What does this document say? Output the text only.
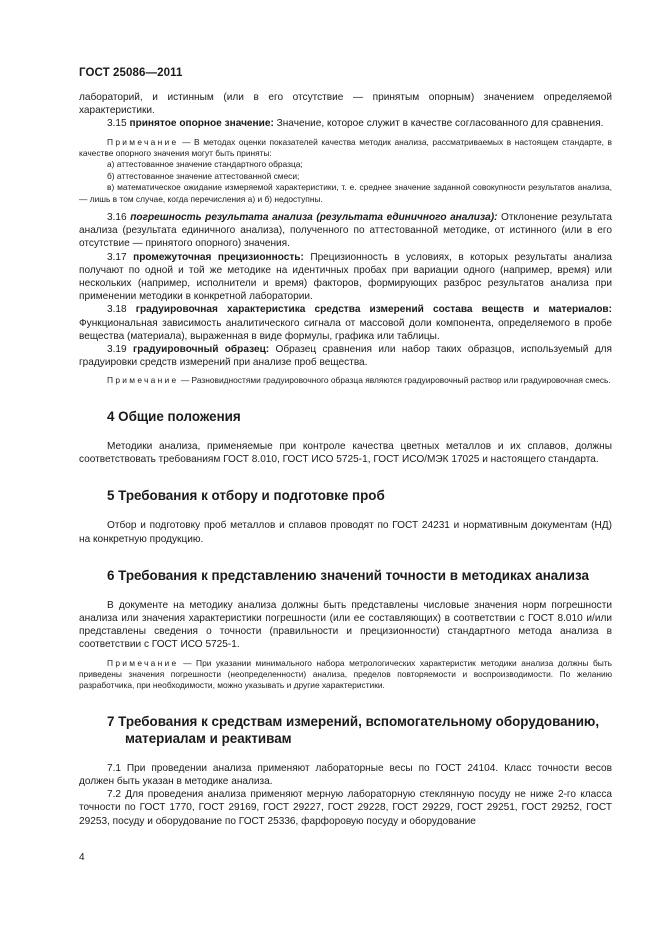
ГОСТ 25086—2011

лабораторий, и истинным (или в его отсутствие — принятым опорным) значением определяемой характеристики.

3.15 принятое опорное значение: Значение, которое служит в качестве согласованного для сравнения.

Примечание — В методах оценки показателей качества методик анализа, рассматриваемых в настоящем стандарте, в качестве опорного значения могут быть приняты:

а) аттестованное значение стандартного образца;

б) аттестованное значение аттестованной смеси;

в) математическое ожидание измеряемой характеристики, т. е. среднее значение заданной совокупности результатов анализа, — лишь в том случае, когда перечисления а) и б) недоступны.

3.16 погрешность результата анализа (результата единичного анализа): Отклонение результата анализа (результата единичного анализа), полученного по аттестованной методике, от истинного (или в его отсутствие — принятого опорного) значения.

3.17 промежуточная прецизионность: Прецизионность в условиях, в которых результаты анализа получают по одной и той же методике на идентичных пробах при вариации одного (например, время) или нескольких (например, исполнители и время) факторов, формирующих разброс результатов анализа при применении методики в конкретной лаборатории.

3.18 градуировочная характеристика средства измерений состава веществ и материалов: Функциональная зависимость аналитического сигнала от массовой доли компонента, определяемого в пробе вещества (материала), выраженная в виде формулы, графика или таблицы.

3.19 градуировочный образец: Образец сравнения или набор таких образцов, используемый для градуировки средств измерений при анализе проб вещества.

Примечание — Разновидностями градуировочного образца являются градуировочный раствор или градуировочная смесь.

4 Общие положения

Методики анализа, применяемые при контроле качества цветных металлов и их сплавов, должны соответствовать требованиям ГОСТ 8.010, ГОСТ ИСО 5725-1, ГОСТ ИСО/МЭК 17025 и настоящего стандарта.

5 Требования к отбору и подготовке проб

Отбор и подготовку проб металлов и сплавов проводят по ГОСТ 24231 и нормативным документам (НД) на конкретную продукцию.

6 Требования к представлению значений точности в методиках анализа

В документе на методику анализа должны быть представлены числовые значения норм погрешности анализа или значения характеристики погрешности (или ее составляющих) в соответствии с ГОСТ 8.010 и/или представлены сведения о точности (правильности и прецизионности) стандартного метода анализа в соответствии с ГОСТ ИСО 5725-1.

Примечание — При указании минимального набора метрологических характеристик методики анализа должны быть приведены значения погрешности (неопределенности) анализа, пределов повторяемости и воспроизводимости. По желанию разработчика, при необходимости, можно указывать и другие характеристики.

7 Требования к средствам измерений, вспомогательному оборудованию,
материалам и реактивам

7.1 При проведении анализа применяют лабораторные весы по ГОСТ 24104. Класс точности весов должен быть указан в методике анализа.

7.2 Для проведения анализа применяют мерную лабораторную стеклянную посуду не ниже 2-го класса точности по ГОСТ 1770, ГОСТ 29169, ГОСТ 29227, ГОСТ 29228, ГОСТ 29229, ГОСТ 29251, ГОСТ 29252, ГОСТ 29253, посуду и оборудование по ГОСТ 25336, фарфоровую посуду и оборудование

4
